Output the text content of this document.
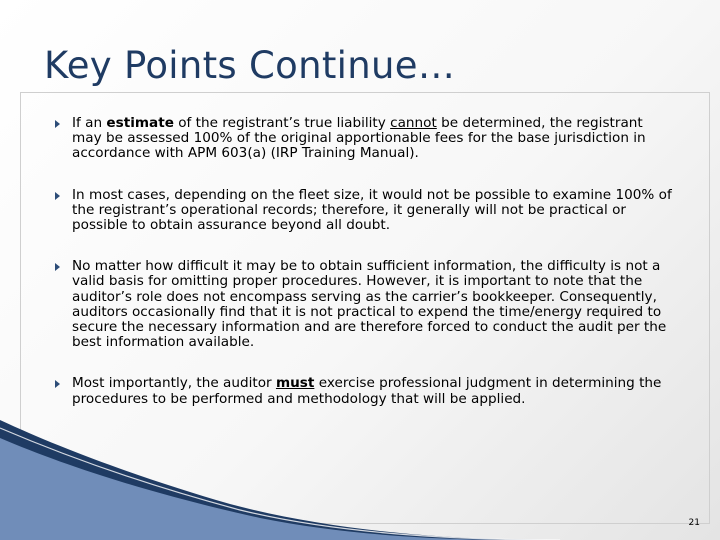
Key Points Continue…
If an estimate of the registrant’s true liability cannot be determined, the registrant may be assessed 100% of the original apportionable fees for the base jurisdiction in accordance with APM 603(a) (IRP Training Manual).
In most cases, depending on the fleet size, it would not be possible to examine 100% of the registrant’s operational records; therefore, it generally will not be practical or possible to obtain assurance beyond all doubt.
No matter how difficult it may be to obtain sufficient information, the difficulty is not a valid basis for omitting proper procedures. However, it is important to note that the auditor’s role does not encompass serving as the carrier’s bookkeeper. Consequently, auditors occasionally find that it is not practical to expend the time/energy required to secure the necessary information and are therefore forced to conduct the audit per the best information available.
Most importantly, the auditor must exercise professional judgment in determining the procedures to be performed and methodology that will be applied.
21
